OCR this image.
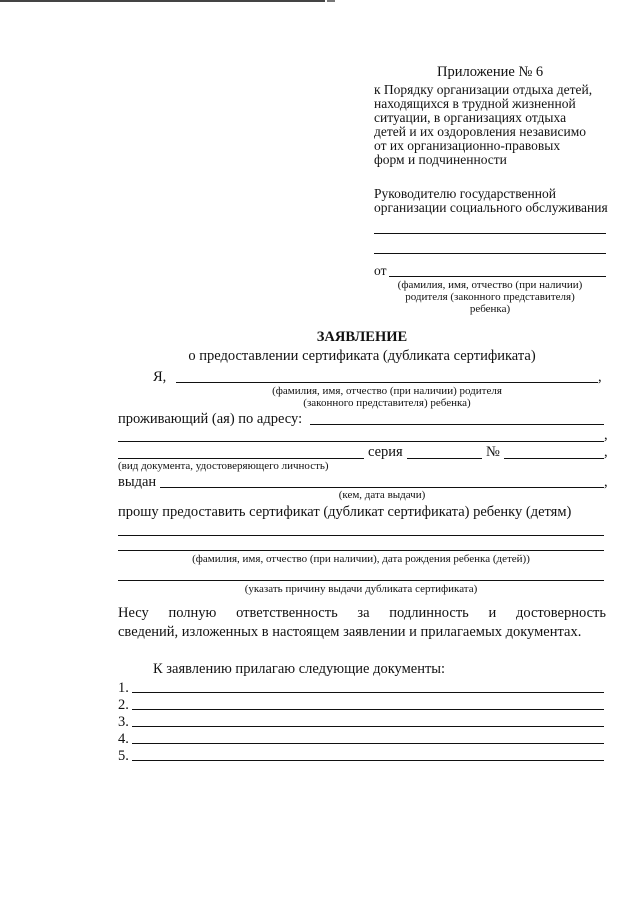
Приложение № 6
к Порядку организации отдыха детей,
находящихся в трудной жизненной
ситуации, в организациях отдыха
детей и их оздоровления независимо
от их организационно-правовых
форм и подчиненности
Руководителю государственной
организации социального обслуживания
от
(фамилия, имя, отчество (при наличии)
родителя (законного представителя)
ребенка)
ЗАЯВЛЕНИЕ
о предоставлении сертификата (дубликата сертификата)
Я,	,
(фамилия, имя, отчество (при наличии) родителя
(законного представителя) ребенка)
проживающий (ая) по адресу:
,
серия	№	,
(вид документа, удостоверяющего личность)
выдан	,
(кем, дата выдачи)
прошу предоставить сертификат (дубликат сертификата) ребенку (детям)
(фамилия, имя, отчество (при наличии), дата рождения ребенка (детей))
(указать причину выдачи дубликата сертификата)
Несу полную ответственность за подлинность и достоверность
сведений, изложенных в настоящем заявлении и прилагаемых документах.
К заявлению прилагаю следующие документы:
1.
2.
3.
4.
5.
